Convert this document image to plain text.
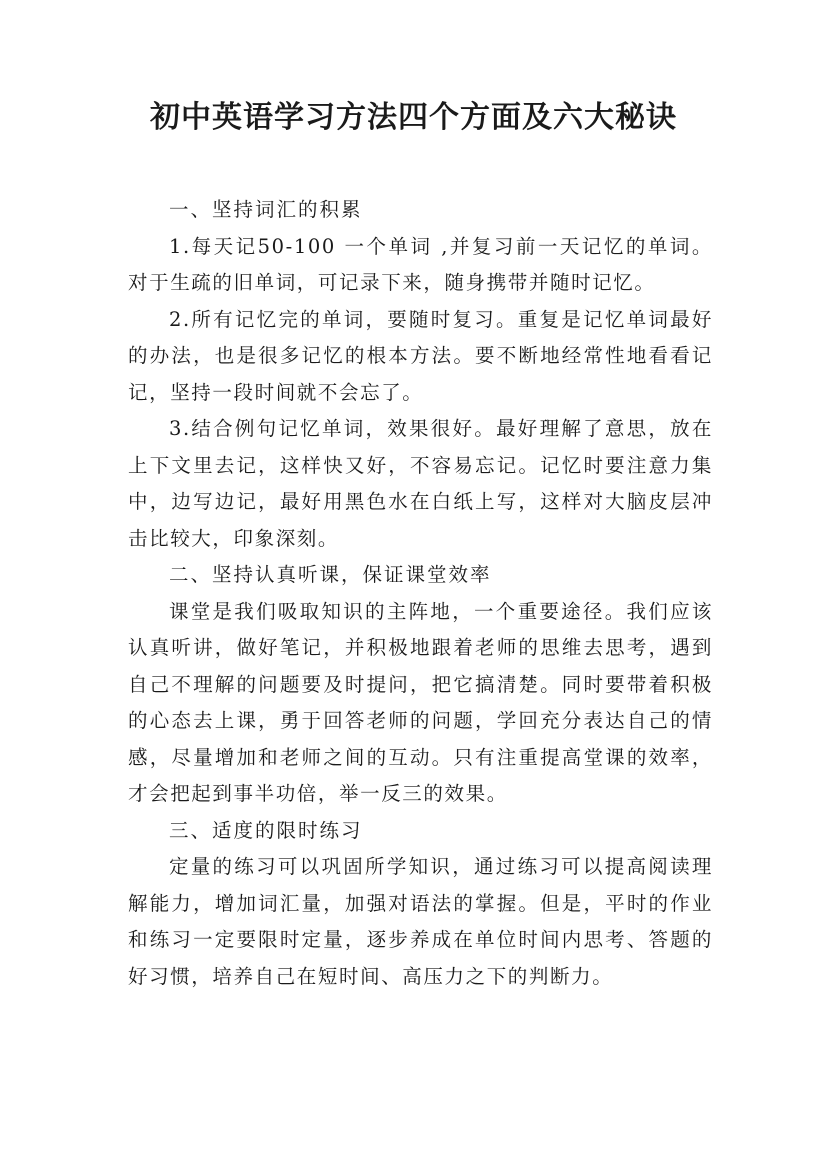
初中英语学习方法四个方面及六大秘诀

一、坚持词汇的积累

1.每天记50-100 一个单词 ,并复习前一天记忆的单词。对于生疏的旧单词，可记录下来，随身携带并随时记忆。

2.所有记忆完的单词，要随时复习。重复是记忆单词最好的办法，也是很多记忆的根本方法。要不断地经常性地看看记记，坚持一段时间就不会忘了。

3.结合例句记忆单词，效果很好。最好理解了意思，放在上下文里去记，这样快又好，不容易忘记。记忆时要注意力集中，边写边记，最好用黑色水在白纸上写，这样对大脑皮层冲击比较大，印象深刻。

二、坚持认真听课，保证课堂效率

课堂是我们吸取知识的主阵地，一个重要途径。我们应该认真听讲，做好笔记，并积极地跟着老师的思维去思考，遇到自己不理解的问题要及时提问，把它搞清楚。同时要带着积极的心态去上课，勇于回答老师的问题，学回充分表达自己的情感，尽量增加和老师之间的互动。只有注重提高堂课的效率，才会把起到事半功倍，举一反三的效果。

三、适度的限时练习

定量的练习可以巩固所学知识，通过练习可以提高阅读理解能力，增加词汇量，加强对语法的掌握。但是，平时的作业和练习一定要限时定量，逐步养成在单位时间内思考、答题的好习惯，培养自己在短时间、高压力之下的判断力。
